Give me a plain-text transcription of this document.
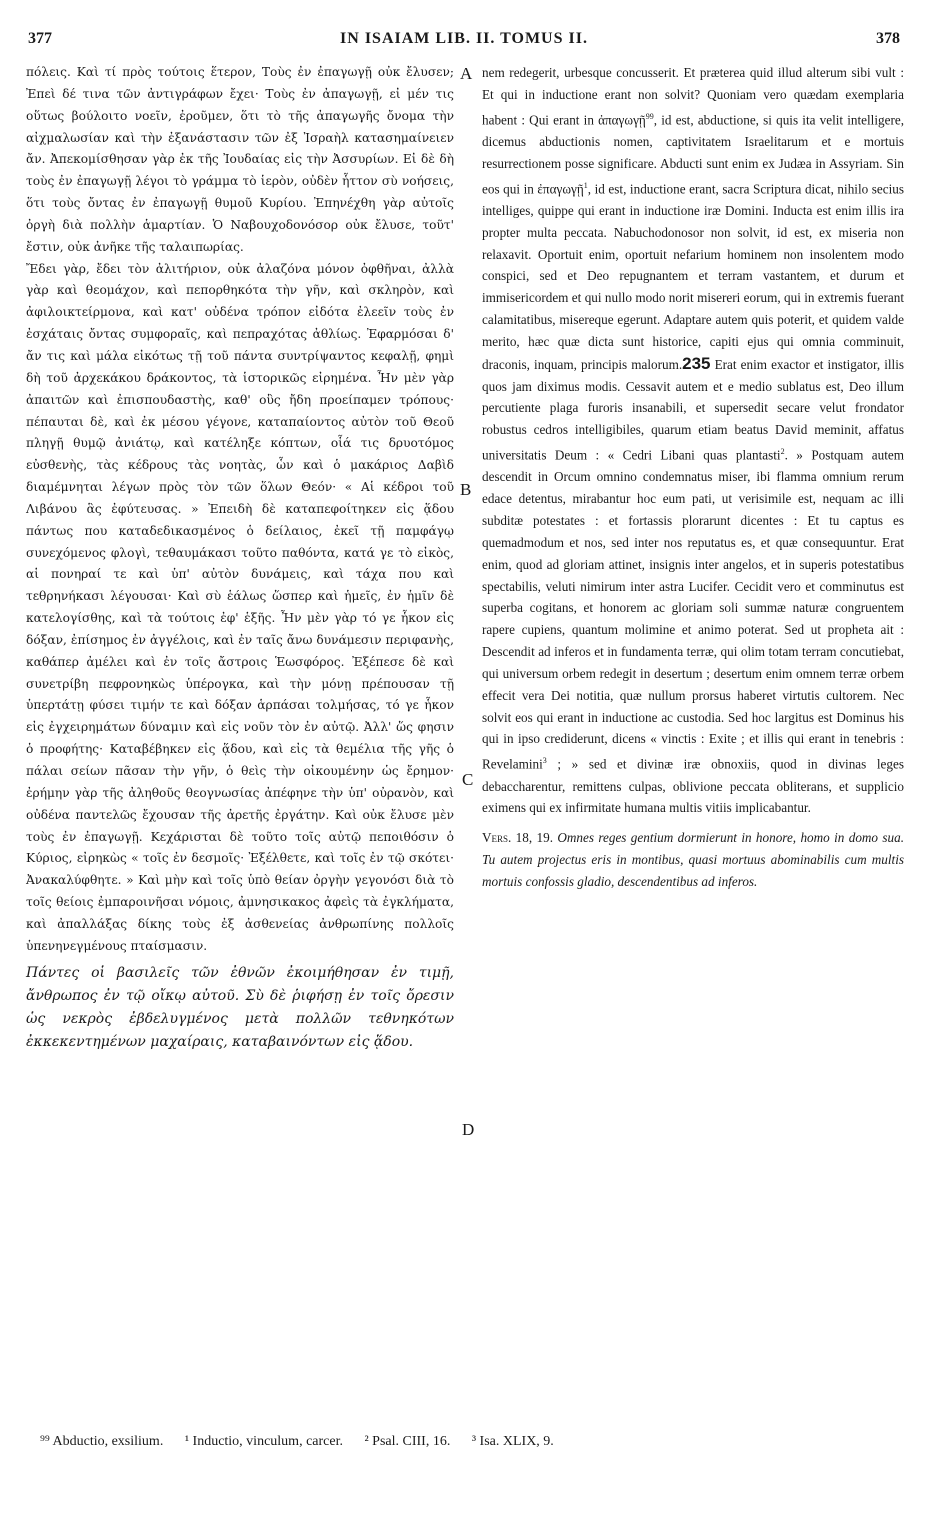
377	IN ISAIAM LIB. II. TOMUS II.	378

πόλεις. Καὶ τί πρὸς τούτοις ἕτερον, Τοὺς ἐν ἐπαγωγῇ οὐκ ἔλυσεν; Ἐπεὶ δέ τινα τῶν ἀντιγράφων ἔχει· Τοὺς ἐν ἀπαγωγῇ, εἰ μέν τις οὕτως βούλοιτο νοεῖν, ἐροῦμεν, ὅτι τὸ τῆς ἀπαγωγῆς ὄνομα τὴν αἰχμαλωσίαν καὶ τὴν ἐξανάστασιν τῶν ἐξ Ἰσραὴλ κατασημαίνειεν ἄν. Ἀπεκομίσθησαν γὰρ ἐκ τῆς Ἰουδαίας εἰς τὴν Ἀσσυρίων. Εἰ δὲ δὴ τοὺς ἐν ἐπαγωγῇ λέγοι τὸ γράμμα τὸ ἱερὸν, οὐδὲν ἧττον σὺ νοήσεις, ὅτι τοὺς ὄντας ἐν ἐπαγωγῇ θυμοῦ Κυρίου. Ἐπηνέχθη γὰρ αὐτοῖς ὀργὴ διὰ πολλὴν ἁμαρτίαν. Ὁ Ναβουχοδονόσορ οὐκ ἔλυσε, τοῦτ' ἔστιν, οὐκ ἀνῆκε τῆς ταλαιπωρίας.

Ἔδει γὰρ, ἔδει τὸν ἀλιτήριον, οὐκ ἀλαζόνα μόνον ὀφθῆναι, ἀλλὰ γὰρ καὶ θεομάχον, καὶ πεπορθηκότα τὴν γῆν, καὶ σκληρὸν, καὶ ἀφιλοικτείρμονα, καὶ κατ' οὐδένα τρόπον εἰδότα ἐλεεῖν τοὺς ἐν ἐσχάταις ὄντας συμφοραῖς, καὶ πεπραχότας ἀθλίως. Ἐφαρμόσαι δ' ἄν τις καὶ μάλα εἰκότως τῇ τοῦ πάντα συντρίψαντος κεφαλῇ, φημὶ δὴ τοῦ ἀρχεκάκου δράκοντος, τὰ ἱστορικῶς εἰρημένα. Ἦν μὲν γὰρ ἀπαιτῶν καὶ ἐπισπουδαστὴς, καθ' οὓς ἤδη προείπαμεν τρόπους· πέπαυται δὲ, καὶ ἐκ μέσου γέγονε, καταπαίοντος αὐτὸν τοῦ Θεοῦ πληγῇ θυμῷ ἀνιάτῳ, καὶ κατέληξε κόπτων, οἷά τις δρυοτόμος εὐσθενὴς, τὰς κέδρους τὰς νοητὰς, ὧν καὶ ὁ μακάριος Δαβὶδ διαμέμνηται λέγων πρὸς τὸν τῶν ὅλων Θεόν· « Αἱ κέδροι τοῦ Λιβάνου ἃς ἐφύτευσας. » Ἐπειδὴ δὲ καταπεφοίτηκεν εἰς ᾅδου πάντως που καταδεδικασμένος ὁ δείλαιος, ἐκεῖ τῇ παμφάγῳ συνεχόμενος φλογὶ, τεθαυμάκασι τοῦτο παθόντα, κατά γε τὸ εἰκὸς, αἱ πονηραί τε καὶ ὑπ' αὐτὸν δυνάμεις, καὶ τάχα που καὶ τεθρηνήκασι λέγουσαι· Καὶ σὺ ἑάλως ὥσπερ καὶ ἡμεῖς, ἐν ἡμῖν δὲ κατελογίσθης, καὶ τὰ τούτοις ἐφ' ἑξῆς. Ἦν μὲν γὰρ τό γε ἧκον εἰς δόξαν, ἐπίσημος ἐν ἀγγέλοις, καὶ ἐν ταῖς ἄνω δυνάμεσιν περιφανὴς, καθάπερ ἀμέλει καὶ ἐν τοῖς ἄστροις Ἑωσφόρος. Ἐξέπεσε δὲ καὶ συνετρίβη πεφρονηκὼς ὑπέρογκα, καὶ τὴν μόνῃ πρέπουσαν τῇ ὑπερτάτῃ φύσει τιμήν τε καὶ δόξαν ἁρπάσαι τολμήσας, τό γε ἧκον εἰς ἐγχειρημάτων δύναμιν καὶ εἰς νοῦν τὸν ἐν αὐτῷ. Ἀλλ' ὥς φησιν ὁ προφήτης· Καταβέβηκεν εἰς ᾅδου, καὶ εἰς τὰ θεμέλια τῆς γῆς ὁ πάλαι σείων πᾶσαν τὴν γῆν, ὁ θεὶς τὴν οἰκουμένην ὡς ἔρημον· ἐρήμην γὰρ τῆς ἀληθοῦς θεογνωσίας ἀπέφηνε τὴν ὑπ' οὐρανὸν, καὶ οὐδένα παντελῶς ἔχουσαν τῆς ἀρετῆς ἐργάτην. Καὶ οὐκ ἔλυσε μὲν τοὺς ἐν ἐπαγωγῇ. Κεχάρισται δὲ τοῦτο τοῖς αὐτῷ πεποιθόσιν ὁ Κύριος, εἰρηκὼς « τοῖς ἐν δεσμοῖς· Ἐξέλθετε, καὶ τοῖς ἐν τῷ σκότει· Ἀνακαλύφθητε. » Καὶ μὴν καὶ τοῖς ὑπὸ θείαν ὀργὴν γεγονόσι διὰ τὸ τοῖς θείοις ἐμπαροινῆσαι νόμοις, ἀμνησικακος ἀφεὶς τὰ ἐγκλήματα, καὶ ἀπαλλάξας δίκης τοὺς ἐξ ἀσθενείας ἀνθρωπίνης πολλοῖς ὑπενηνεγμένους πταίσμασιν.

Πάντες οἱ βασιλεῖς τῶν ἐθνῶν ἐκοιμήθησαν ἐν τιμῇ, ἄνθρωπος ἐν τῷ οἴκῳ αὐτοῦ. Σὺ δὲ ῥιφήσῃ ἐν τοῖς ὄρεσιν ὡς νεκρὸς ἐβδελυγμένος μετὰ πολλῶν τεθνηκότων ἐκκεκεντημένων μαχαίραις, καταβαινόντων εἰς ᾅδου.

A
B
C
D

nem redegerit, urbesque concusserit. Et præterea quid illud alterum sibi vult : Et qui in inductione erant non solvit? Quoniam vero quædam exemplaria habent : Qui erant in ἀπαγωγῇ$^{99}$, id est, abductione, si quis ita velit intelligere, dicemus abductionis nomen, captivitatem Israelitarum et e mortuis resurrectionem posse significare. Abducti sunt enim ex Judæa in Assyriam. Sin eos qui in ἐπαγωγῇ$^1$, id est, inductione erant, sacra Scriptura dicat, nihilo secius intelliges, quippe qui erant in inductione iræ Domini. Inducta est enim illis ira propter multa peccata. Nabuchodonosor non solvit, id est, ex miseria non relaxavit. Oportuit enim, oportuit nefarium hominem non insolentem modo conspici, sed et Deo repugnantem et terram vastantem, et durum et immisericordem et qui nullo modo norit misereri eorum, qui in extremis fuerant calamitatibus, misereque egerunt. Adaptare autem quis poterit, et quidem valde merito, hæc quæ dicta sunt historice, capiti ejus qui omnia comminuit, draconis, inquam, principis malorum.235 Erat enim exactor et instigator, illis quos jam diximus modis. Cessavit autem et e medio sublatus est, Deo illum percutiente plaga furoris insanabili, et supersedit secare velut frondator robustus cedros intelligibiles, quarum etiam beatus David meminit, affatus universitatis Deum : « Cedri Libani quas plantasti$^2$. » Postquam autem descendit in Orcum omnino condemnatus miser, ibi flamma omnium rerum edace detentus, mirabantur hoc eum pati, ut verisimile est, nequam ac illi subditæ potestates : et fortassis plorarunt dicentes : Et tu captus es quemadmodum et nos, sed inter nos reputatus es, et quæ consequuntur. Erat enim, quod ad gloriam attinet, insignis inter angelos, et in superis potestatibus spectabilis, veluti nimirum inter astra Lucifer. Cecidit vero et comminutus est superba cogitans, et honorem ac gloriam soli summæ naturæ congruentem rapere cupiens, quantum molimine et animo poterat. Sed ut propheta ait : Descendit ad inferos et in fundamenta terræ, qui olim totam terram concutiebat, qui universum orbem redegit in desertum ; desertum enim omnem terræ orbem effecit vera Dei notitia, quæ nullum prorsus haberet virtutis cultorem. Nec solvit eos qui erant in inductione ac custodia. Sed hoc largitus est Dominus his qui in ipso crediderunt, dicens « vinctis : Exite ; et illis qui erant in tenebris : Revelamini$^3$ ; » sed et divinæ iræ obnoxiis, quod in divinas leges debaccharentur, remittens culpas, oblivione peccata obliterans, et supplicio eximens qui ex infirmitate humana multis vitiis implicabantur.

Vers. 18, 19. Omnes reges gentium dormierunt in honore, homo in domo sua. Tu autem projectus eris in montibus, quasi mortuus abominabilis cum multis mortuis confossis gladio, descendentibus ad inferos.

⁹⁹ Abductio, exsilium. ¹ Inductio, vinculum, carcer. ² Psal. CIII, 16. ³ Isa. XLIX, 9.
